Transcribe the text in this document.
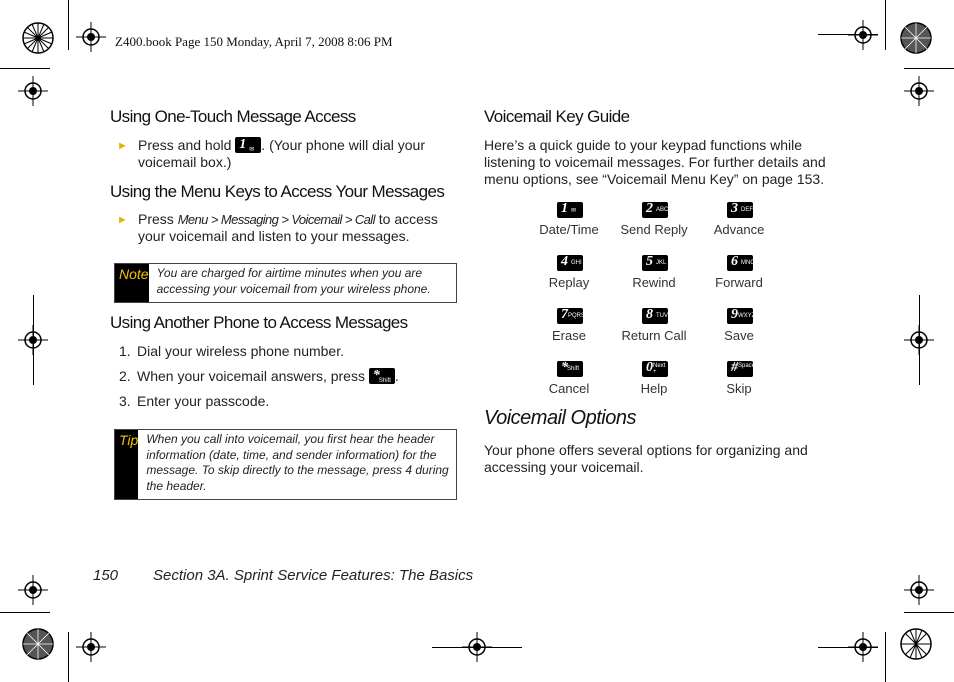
Z400.book Page 150 Monday, April 7, 2008 8:06 PM
Using One-Touch Message Access
► Press and hold 1 ✉ . (Your phone will dial your voicemail box.)
Using the Menu Keys to Access Your Messages
► Press Menu > Messaging > Voicemail > Call to access your voicemail and listen to your messages.
Note You are charged for airtime minutes when you are accessing your voicemail from your wireless phone.
Using Another Phone to Access Messages
1. Dial your wireless phone number.
2. When your voicemail answers, press * Shift .
3. Enter your passcode.
Tip When you call into voicemail, you first hear the header information (date, time, and sender information) for the message. To skip directly to the message, press 4 during the header.
Voicemail Key Guide
Here’s a quick guide to your keypad functions while listening to voicemail messages. For further details and menu options, see “Voicemail Menu Key” on page 153.
1 ✉
Date/Time
2 ABC
Send Reply
3 DEF
Advance
4 GHI
Replay
5 JKL
Rewind
6 MNO
Forward
7 PQRS
Erase
8 TUV
Return Call
9 WXYZ
Save
* Shift
Cancel
0 Next +
Help
# Space
Skip
Voicemail Options
Your phone offers several options for organizing and accessing your voicemail.
150 Section 3A. Sprint Service Features: The Basics
